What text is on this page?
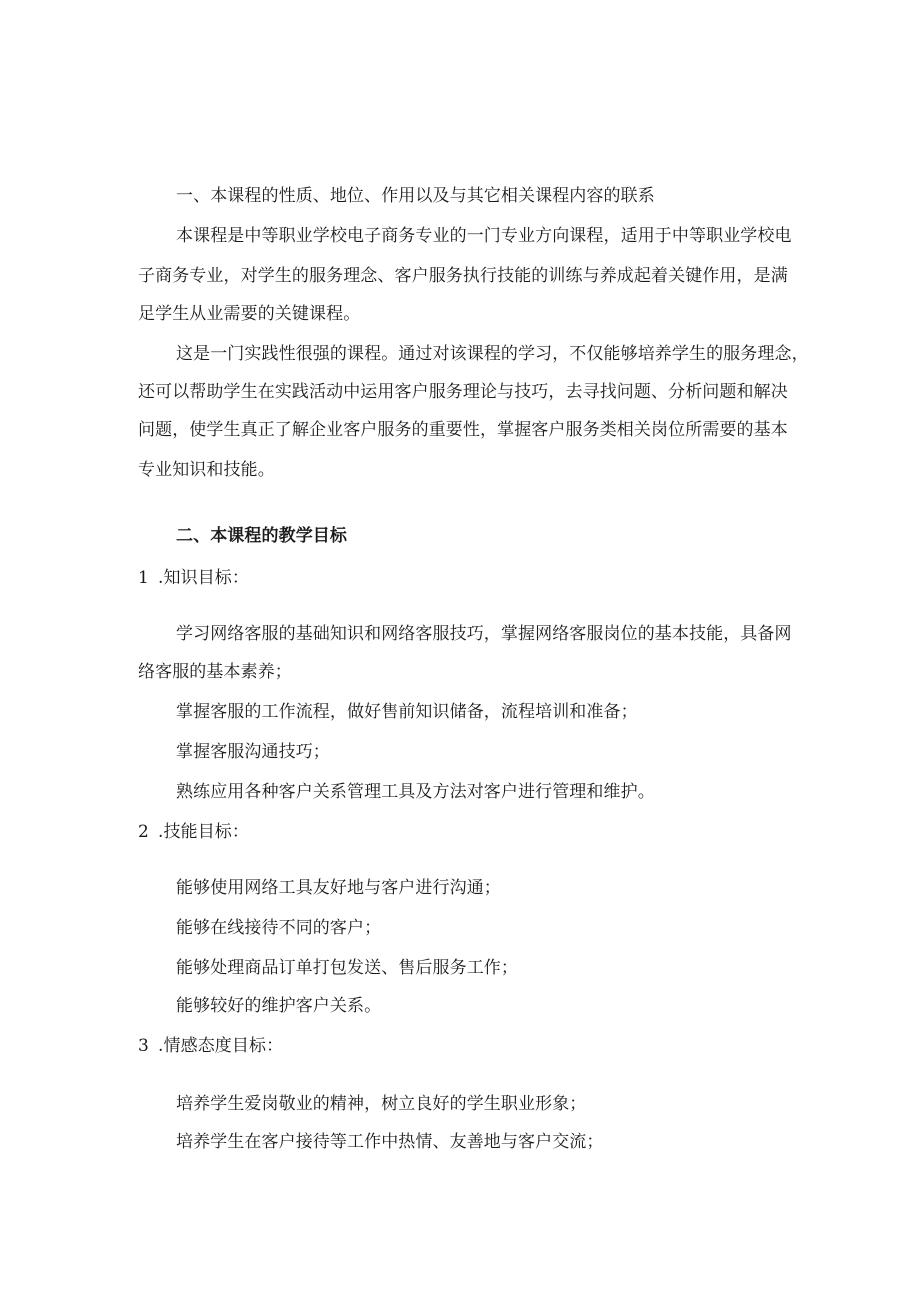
一、本课程的性质、地位、作用以及与其它相关课程内容的联系
本课程是中等职业学校电子商务专业的一门专业方向课程，适用于中等职业学校电
子商务专业，对学生的服务理念、客户服务执行技能的训练与养成起着关键作用，是满
足学生从业需要的关键课程。
这是一门实践性很强的课程。通过对该课程的学习，不仅能够培养学生的服务理念，
还可以帮助学生在实践活动中运用客户服务理论与技巧，去寻找问题、分析问题和解决
问题，使学生真正了解企业客户服务的重要性，掌握客户服务类相关岗位所需要的基本
专业知识和技能。
二、本课程的教学目标
1 .知识目标：
学习网络客服的基础知识和网络客服技巧，掌握网络客服岗位的基本技能，具备网
络客服的基本素养；
掌握客服的工作流程，做好售前知识储备，流程培训和准备；
掌握客服沟通技巧；
熟练应用各种客户关系管理工具及方法对客户进行管理和维护。
2 .技能目标：
能够使用网络工具友好地与客户进行沟通；
能够在线接待不同的客户；
能够处理商品订单打包发送、售后服务工作；
能够较好的维护客户关系。
3 .情感态度目标：
培养学生爱岗敬业的精神，树立良好的学生职业形象；
培养学生在客户接待等工作中热情、友善地与客户交流；
